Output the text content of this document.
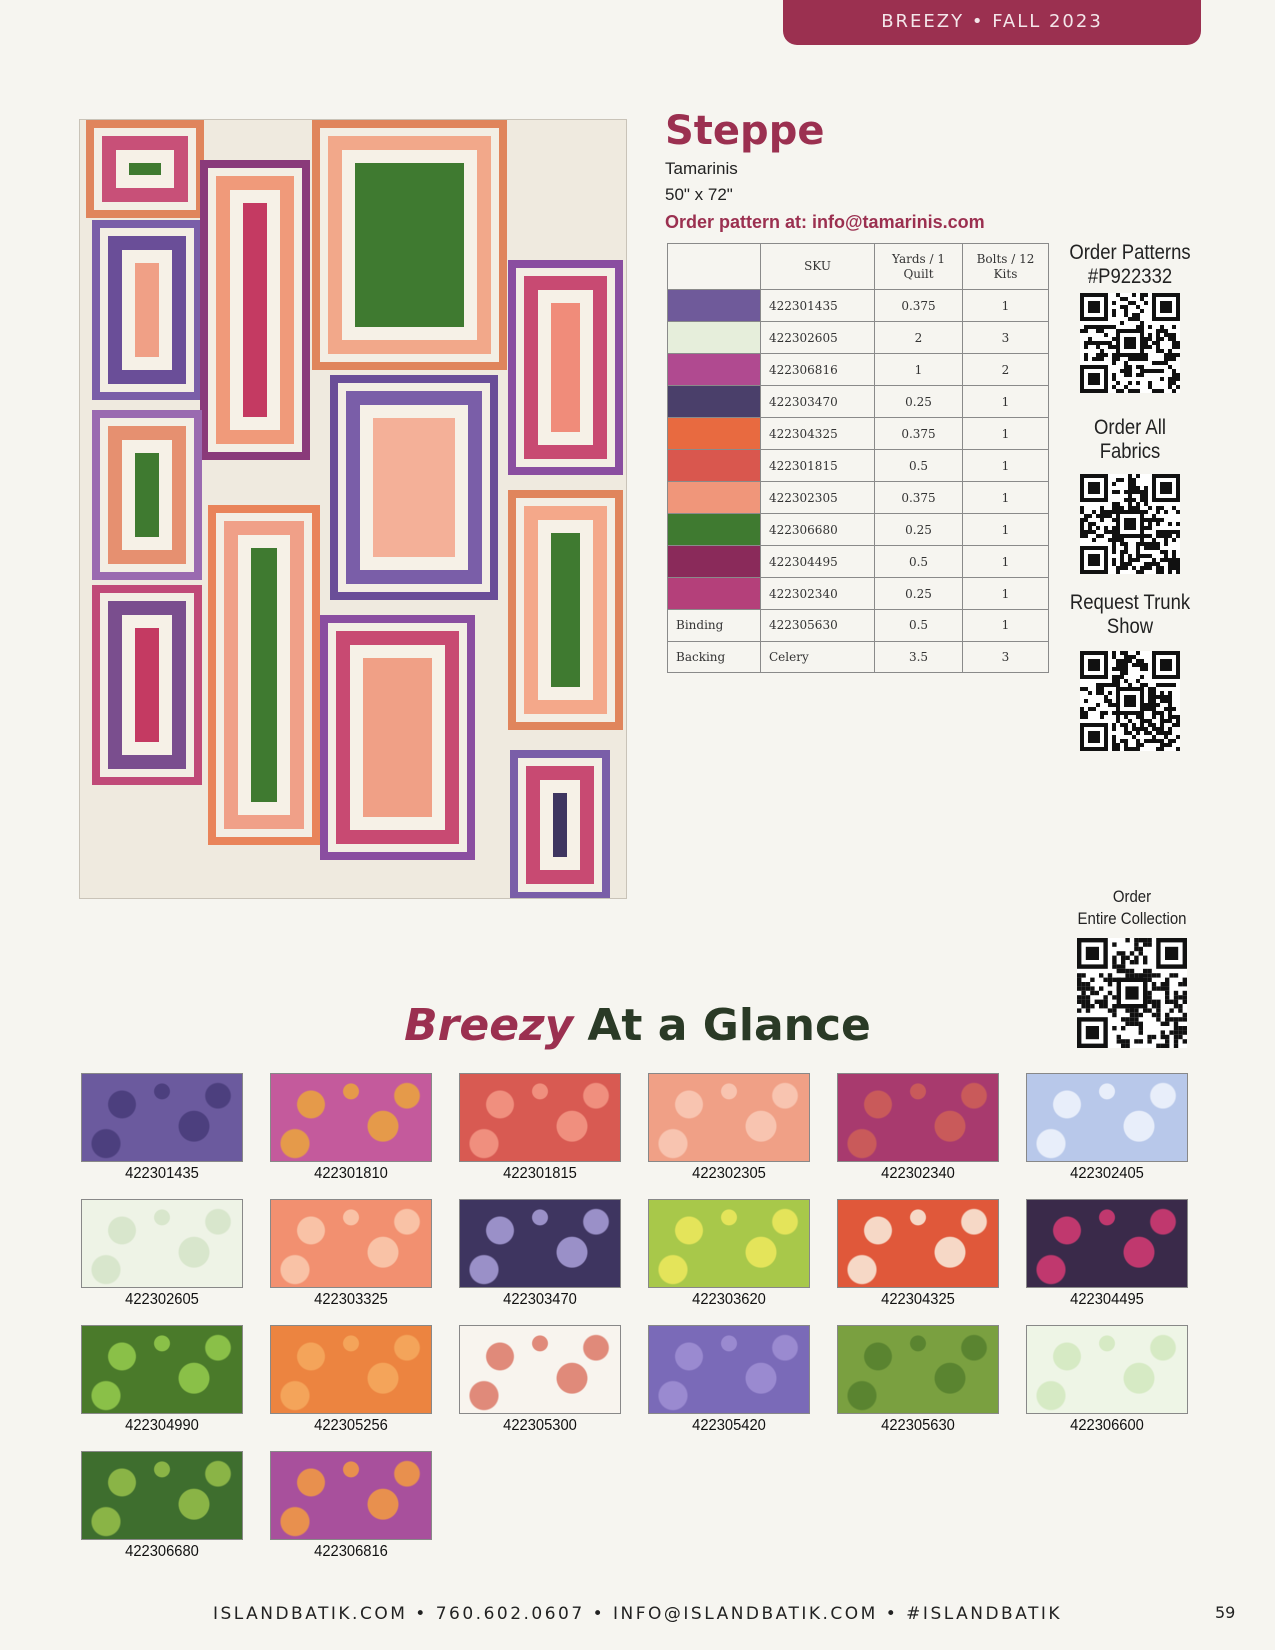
BREEZY • FALL 2023
Steppe
Tamarinis
50" x 72"
Order pattern at: info@tamarinis.com
	SKU	Yards / 1 Quilt	Bolts / 12 Kits

	422301435	0.375	1

	422302605	2	3

	422306816	1	2

	422303470	0.25	1

	422304325	0.375	1

	422301815	0.5	1

	422302305	0.375	1

	422306680	0.25	1

	422304495	0.5	1

	422302340	0.25	1
Binding	422305630	0.5	1
Backing	Celery	3.5	3
Order Patterns
#P922332
Order All
Fabrics
Request Trunk
Show
Order
Entire Collection
Breezy At a Glance
422301435	422301810	422301815	422302305	422302340	422302405
422302605	422303325	422303470	422303620	422304325	422304495
422304990	422305256	422305300	422305420	422305630	422306600
422306680	422306816
ISLANDBATIK.COM • 760.602.0607 • INFO@ISLANDBATIK.COM • #ISLANDBATIK	59
